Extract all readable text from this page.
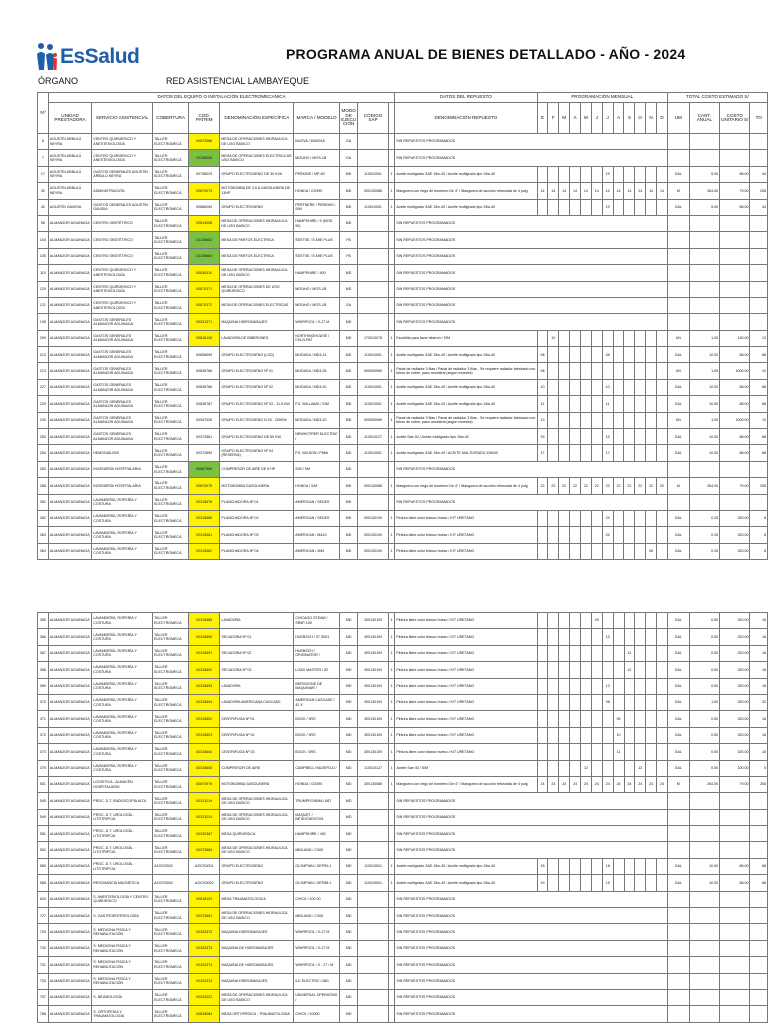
EsSalud	PROGRAMA ANUAL DE BIENES DETALLADO - AÑO - 2024
ÓRGANO	RED ASISTENCIAL LAMBAYEQUE
Nº	DATOS DEL EQUIPO O INSTALACIÓN ELECTROMECANICA									DATOS DEL REPUESTO	PROGRAMACIÓN MENSUAL												TOTAL COSTO ESTIMADO S/			
	UNIDAD PRESTADORA	SERVICIO ASISTENCIAL	COBERTURA	COD. PATRIM	DENOMINACIÓN ESPECÍFICA	MARCA / MODELO	MODO DE EJECUCIÓN	CÓDIGO SAP		DENOMINACIÓN REPUESTO	E	F	M	A	M	J	J	A	S	O	N	D	UM	CANT. ANUAL	COSTO UNITARIO S/	TO
6	AGUSTÍN ARBULÚ NEYRA	CENTRO QUIRÚRGICO Y ANESTESIOLOGÍA	TALLER ELECTROMECÁ	00872566	MESA DE OPERACIONES HIDRAULICA DE USO BASICO	NUOVA / 6940018	GA			SIN REPUESTOS PROGRAMADOS																
7	AGUSTÍN ARBULÚ NEYRA	CENTRO QUIRÚRGICO Y ANESTESIOLOGÍA	TALLER ELECTROMECÁ	01138026	MESA DE OPERACIONES ELECTRICA DE USO BÁSICO	MIZUHO / MOS-1B	GA			SIN REPUESTOS PROGRAMADOS																
17	AGUSTÍN ARBULÚ NEYRA	GASTOS GENERALES AGUSTÍN ARBULÚ NEYRA	TALLER ELECTROMECÁ	00708029	GRUPO ELECTROGENO DE 30 KVA	PERKINS / MP-60	MD	110010001	1	Aceite multigrado SAE 15w-40 / Aceite multigrado tipo 15w-40							19						GAL	5.00	88.00	44
32	AGUSTÍN ARBULÚ NEYRA	ADMINISTRACIÓN	TALLER ELECTROMECÁ	00870973	MOTOBOMBA DE 3.5 A GASOLINERA DE 13HP	HONDA / GX390	MD	300130086	1	Manguera con riego de bombero De 4" / Manguera de succión reforzada de 4 pulg	14	14	14	14	14	14	14	14	14	14	14	14	M	264.00	79.00	208
42	AGUSTÍN GAVIDIA	GASTOS GENERALES AGUSTÍN GAVIDIA	TALLER ELECTROMECÁ	00866269	GRUPO ELECTROGENO	PERTNERE / PERKINS / S/M	MD	110010001	1	Aceite multigrado SAE 15w-40 / Aceite multigrado tipo 15w-40							19						GAL	5.00	88.00	44
98	ALMANZOR AGUINAGA	CENTRO OBSTÉTRICO	TALLER ELECTROMECÁ	00814908	MESA DE OPERACIONES HIDRAULICA DE USO BASICO	HAMPSHIRE / 9 (MOD 90)	MD			SIN REPUESTOS PROGRAMADOS																
104	ALMANZOR AGUINAGA	CENTRO OBSTÉTRICO	TALLER ELECTROMECÁ	01138662	MESA DE PARTOS ELECTRICA	SEETSE / E-MIE PLUS	PA			SIN REPUESTOS PROGRAMADOS																
105	ALMANZOR AGUINAGA	CENTRO OBSTÉTRICO	TALLER ELECTROMECÁ	01138664	MESA DE PARTOS ELECTRICA	SEETSE / E-MIE PLUS	PA			SIN REPUESTOS PROGRAMADOS																
110	ALMANZOR AGUINAGA	CENTRO QUIRÚRGICO Y ANESTESIOLOGÍA	TALLER ELECTROMECÁ	00836310	MESA DE OPERACIONES HIDRAULICA DE USO BASICO	HAMPSHIRE / 400	MD			SIN REPUESTOS PROGRAMADOS																
120	ALMANZOR AGUINAGA	CENTRO QUIRÚRGICO Y ANESTESIOLOGÍA	TALLER ELECTROMECÁ	00870371	MESA DE OPERACIONES DE USO QUIRÚRGICO	MIZUHO / MOS-1B	MD			SIN REPUESTOS PROGRAMADOS																
121	ALMANZOR AGUINAGA	CENTRO QUIRÚRGICO Y ANESTESIOLOGÍA	TALLER ELECTROMECÁ	00870372	MESA DE OPERACIONES ELECTRICAS	MIZUHO / MOS-1B	GA			SIN REPUESTOS PROGRAMADOS																
195	ALMANZOR AGUINAGA	GASTOS GENERALES ALMANZOR AGUINAGA	TALLER ELECTROMECÁ	00331371	MAQUINA HIDROMASAJES	WHIRPOOL / X-27 M	MD			SIN REPUESTOS PROGRAMADOS																
209	ALMANZOR AGUINAGA	GASTOS GENERALES ALMANZOR AGUINAGA	TALLER ELECTROMECÁ	00816126	LAVADORA DE BIBERONES	NORTHINGHOUSE / CKLN-PAT	MD	170010078	1	Escobilla para lavar biberón / S/M		10											UN	1.00	130.00	13
212	ALMANZOR AGUINAGA	GASTOS GENERALES ALMANZOR AGUINAGA	TALLER ELECTROMECÁ	00836699	GRUPO ELECTROGENO (LGD)	MODASA / MD3-13	MD	110010001	1	Aceite multigrado SAE 15w-40 / Aceite multigrado tipo 15w-40	08						08						GAL	10.00	88.00	88
213	ALMANZOR AGUINAGA	GASTOS GENERALES ALMANZOR AGUINAGA	TALLER ELECTROMECÁ	00836786	GRUPO ELECTROGENO Nº 01	MODASA / MD3-28	MD	900009989	1	Panal de radiador 3 filas / Panal de radiador 3 filas - Se requiere radiador fabricado con tubos de cobre, paso ancestral (según muestra)	08												UN	1.00	1000.00	10
227	ALMANZOR AGUINAGA	GASTOS GENERALES ALMANZOR AGUINAGA	TALLER ELECTROMECÁ	00836786	GRUPO ELECTROGENO Nº 02	MODASA / MD3-20	MD	110010001	1	Aceite multigrado SAE 15w-40 / Aceite multigrado tipo 15w-40	10						10						GAL	10.00	88.00	88
229	ALMANZOR AGUINAGA	GASTOS GENERALES ALMANZOR AGUINAGA	TALLER ELECTROMECÁ	00836787	GRUPO ELECTROGENO Nº 03 - 11.5 KW	FG. WILLIAMS / S/M	MD	110010001	1	Aceite multigrado SAE 15w-40 / Aceite multigrado tipo 15w-40	11						11						GAL	10.00	88.00	88
230	ALMANZOR AGUINAGA	GASTOS GENERALES ALMANZOR AGUINAGA	TALLER ELECTROMECÁ	00947026	GRUPO ELECTROGENO N 03 - 200KW	MODASA / MD3-20	MD	900009989	1	Panal de radiador 3 filas / Panal de radiador 3 filas - Se requiere radiador fabricado con tubos de cobre, paso ancestral (según muestra)	13												UN	1.00	1000.00	10
250	ALMANZOR AGUINAGA	GASTOS GENERALES ALMANZOR AGUINAGA	TALLER ELECTROMECÁ	00372561	GRUPO ELECTROGENO DE 60 KW	NEWHOTRER ELECTRIC /	MD	110010127	1	Aceite Sae 40 / Aceite multigrado tipo 15w-40	15						15						GAL	10.00	88.00	88
254	ALMANZOR AGUINAGA	HEMODIÁLISIS	TALLER ELECTROMECÁ	00372659	GRUPO ELECTROGENO Nº 04 (RESERVA)	FG. WILSON / P666	MD	110010001	1	Aceite multigrado SAE 15w-40 / ACEITE MULTIGRADO 15W40	17						17						GAL	10.00	88.00	88
283	ALMANZOR AGUINAGA	INGENIERÍA HOSPITALARIA	TALLER ELECTROMECÁ	00867986	COMPRESOR DE AIRE DE 5 HP	S/M / SM	MD			SIN REPUESTOS PROGRAMADOS																
288	ALMANZOR AGUINAGA	INGENIERÍA HOSPITALARIA	TALLER ELECTROMECÁ	00870975	MOTOBOMBA GASOLINERA	HONDA / S/M	MD	300130086	1	Manguera con riego de bombero De 4" / Manguera de succión reforzada de 4 pulg	22	22	22	22	22	22	22	22	22	22	22	02	M	264.00	79.00	208
361	ALMANZOR AGUINAGA	LAVANDERÍA, ROPERÍA Y COSTURA	TALLER ELECTROMECÁ	00318576	PLANCHADORA Nº 01	AMERICAN / SEDES	MD			SIN REPUESTOS PROGRAMADOS																
362	ALMANZOR AGUINAGA	LAVANDERÍA, ROPERÍA Y COSTURA	TALLER ELECTROMECÁ	00318580	PLANCHADORA Nº 02	AMERICAN / SEDES	MD	300130109	1	Pintura látex color blanco hueso / KIT URETANO							24						GAL	0.25	320.00	8
363	ALMANZOR AGUINAGA	LAVANDERÍA, ROPERÍA Y COSTURA	TALLER ELECTROMECÁ	00318581	PLANCHADORA Nº 03	AMERICAN / MA10	MD	300130109	1	Pintura látex color blanco hueso / KIT URETANO							24						GAL	0.25	320.00	8
364	ALMANZOR AGUINAGA	LAVANDERÍA, ROPERÍA Y COSTURA	TALLER ELECTROMECÁ	00318582	PLANCHADORA Nº 04	AMERICAN / 4M4	MD	300130109	1	Pintura látex color blanco hueso / KIT URETANO											08		GAL	0.25	320.00	8
365	ALMANZOR AGUINAGA	LAVANDERÍA, ROPERÍA Y COSTURA	TALLER ELECTROMECÁ	00318585	LAVADORA	CHICAGO STEAM / SR6P-100	MD	300130109	1	Pintura látex color blanco hueso / KIT URETANO						09							GAL	0.50	320.00	16
366	ALMANZOR AGUINAGA	LAVANDERÍA, ROPERÍA Y COSTURA	TALLER ELECTROMECÁ	00318590	SECADORA Nº 01	HUEBSCH / 37 S001	MD	300130109	1	Pintura látex color blanco hueso / KIT URETANO							10						GAL	0.50	320.00	16
367	ALMANZOR AGUINAGA	LAVANDERÍA, ROPERÍA Y COSTURA	TALLER ELECTROMECÁ	00318591	SECADORA Nº 02	HUEBSCH / ORIGINATOR /	MD	300130109	1	Pintura látex color blanco hueso / KIT URETANO									11				GAL	0.50	320.00	16
368	ALMANZOR AGUINAGA	LAVANDERÍA, ROPERÍA Y COSTURA	TALLER ELECTROMECÁ	00318592	SECADORA Nº 03	LOAD MASTER / 82	MD	300130109	1	Pintura látex color blanco hueso / KIT URETANO									12				GAL	0.50	320.00	16
369	ALMANZOR AGUINAGA	LAVANDERÍA, ROPERÍA Y COSTURA	TALLER ELECTROMECÁ	00318593	LAVADORA	BERGOGNE DE MAQUINAR /	MD	300130109	1	Pintura látex color blanco hueso / KIT URETANO							13						GAL	0.50	320.00	16
370	ALMANZOR AGUINAGA	LAVANDERÍA, ROPERÍA Y COSTURA	TALLER ELECTROMECÁ	00318594	LAVADORA AMERICANA CASCADE	AMERICAN CASCADE / 42 X	MD	300130109	1	Pintura látex color blanco hueso / KIT URETANO							08						GAL	1.00	320.00	32
371	ALMANZOR AGUINAGA	LAVANDERÍA, ROPERÍA Y COSTURA	TALLER ELECTROMECÁ	00318602	CENTRIFUGA Nº 01	BOCK / 3RS	MD	300130109	1	Pintura látex color blanco hueso / KIT URETANO								09					GAL	0.50	320.00	16
372	ALMANZOR AGUINAGA	LAVANDERÍA, ROPERÍA Y COSTURA	TALLER ELECTROMECÁ	00318603	CENTRIFUGA Nº 02	BOCK / 3RS	MD	300130109	1	Pintura látex color blanco hueso / KIT URETANO								10					GAL	0.50	320.00	16
373	ALMANZOR AGUINAGA	LAVANDERÍA, ROPERÍA Y COSTURA	TALLER ELECTROMECÁ	00318604	CENTRIFUGA Nº 03	BOCK / 3RS	MD	300130109	1	Pintura látex color blanco hueso / KIT URETANO								11					GAL	0.50	320.00	16
375	ALMANZOR AGUINAGA	LAVANDERÍA, ROPERÍA Y COSTURA	TALLER ELECTROMECÁ	00318605	COMPRESOR DE AIRE	CAMPBELL HAUSFELD /	MD	110010127	1	Aceite Sae 40 / S/M					12					12			GAL	0.50	100.00	5
501	ALMANZOR AGUINAGA	LOGÍSTICA - ALMACÉN HOSPITALARIO	TALLER ELECTROMECÁ	00870979	MOTOBOMBA GASOLINERA	HONDA / GX390	MD	300130086	1	Manguera con riego de bombero De 4" / Manguera de succión reforzada de 4 pulg	24	24	24	24	24	24	24	24	24	24	24	24	M	264.00	79.00	208
545	ALMANZOR AGUINAGA	PROC. D.T. ENDOSCOPÍA ALTA	TALLER ELECTROMECÁ	00331019	MESA DE OPERACIONES HIDRAULICA DE USO BASICO	TRUMPF/SIKMA / 687	MD			SIN REPUESTOS PROGRAMADOS																
549	ALMANZOR AGUINAGA	PROC. D.T. UROLOGÍA - LITOTRIPCIA	TALLER ELECTROMECÁ	00331024	MESA DE OPERACIONES HIDRAULICA DE USO BASICO	MAQUET / BETASTAR/CS01	MD			SIN REPUESTOS PROGRAMADOS																
551	ALMANZOR AGUINAGA	PROC. D.T. UROLOGÍA - LITOTRIPCIA	TALLER ELECTROMECÁ	00330367	MESA QUIRURGICA	HAMPSHIRE / 400	MD			SIN REPUESTOS PROGRAMADOS																
552	ALMANZOR AGUINAGA	PROC. D.T. UROLOGÍA - LITOTRIPCIA	TALLER ELECTROMECÁ	00372663	MESA DE OPERACIONES HIDRAULICA DE USO BASICO	MIDLAND / C300	MD			SIN REPUESTOS PROGRAMADOS																
565	ALMANZOR AGUINAGA	PROC. D.T. UROLOGÍA - LITOTRIPCIA	AZICS0002	AZICS0001	GRUPO ELECTROGENO	OLYMPIAN / GEP50-1	MD	110010001	1	Aceite multigrado SAE 15w-40 / Aceite multigrado tipo 15w-40	18						18						GAL	10.00	88.00	88
588	ALMANZOR AGUINAGA	RESONANCIA MAGNÉTICA	AZICS0002	AZICS0002	GRUPO ELECTROGENO	OLYMPIAN / GEP88-1	MD	110010001	1	Aceite multigrado SAE 15w-40 / Aceite multigrado tipo 15w-40	19						19						GAL	10.00	88.00	88
633	ALMANZOR AGUINAGA	S. ANESTESIOLOGÍA Y CENTRO QUIRÚRGICO	TALLER ELECTROMECÁ	00818103	MESA TRAUMATOLOGICA	CHICK / 100 00	MD			SIN REPUESTOS PROGRAMADOS																
727	ALMANZOR AGUINAGA	S. GASTROENTEROLOGÍA	TALLER ELECTROMECÁ	00372661	MESA DE OPERACIONES HIDRAULICA DE USO BASICO	MIDLAND / C300	MD			SIN REPUESTOS PROGRAMADOS																
729	ALMANZOR AGUINAGA	S. MEDICINA FÍSICA Y REHABILITACIÓN	TALLER ELECTROMECÁ	00332372	MAQUINA HIDROMASAJES	WHIRPOOL / X-27 M	MD			SIN REPUESTOS PROGRAMADOS																
730	ALMANZOR AGUINAGA	S. MEDICINA FÍSICA Y REHABILITACIÓN	TALLER ELECTROMECÁ	00332373	MAQUINA DE HIDROMASAJES	WHIRPOOL / X-27 M	MD			SIN REPUESTOS PROGRAMADOS																
731	ALMANZOR AGUINAGA	S. MEDICINA FÍSICA Y REHABILITACIÓN	TALLER ELECTROMECÁ	00332374	MAQUINA DE HIDROMASAJES	WHIRPOOL / X - 27 / M	MD			SIN REPUESTOS PROGRAMADOS																
733	ALMANZOR AGUINAGA	S. MEDICINA FÍSICA Y REHABILITACIÓN	TALLER ELECTROMECÁ	00332313	MAQUINA HIDROMASAJES	ILE ELECTRIC / 680	MD			SIN REPUESTOS PROGRAMADOS																
757	ALMANZOR AGUINAGA	S. NEUMOLOGÍA	TALLER ELECTROMECÁ	00332022	MESA DE OPERACIONES HIDRAULICA DE USO BASICO	UNIVERSAL OPERATING /	MD			SIN REPUESTOS PROGRAMADOS																
786	ALMANZOR AGUINAGA	S. ORTOPEDIA Y TRAUMATOLOGÍA	TALLER ELECTROMECÁ	00818084	MESA ORTOPEDICA - TRAUMATOLOGIA	CHICK / 10000	MD			SIN REPUESTOS PROGRAMADOS																
